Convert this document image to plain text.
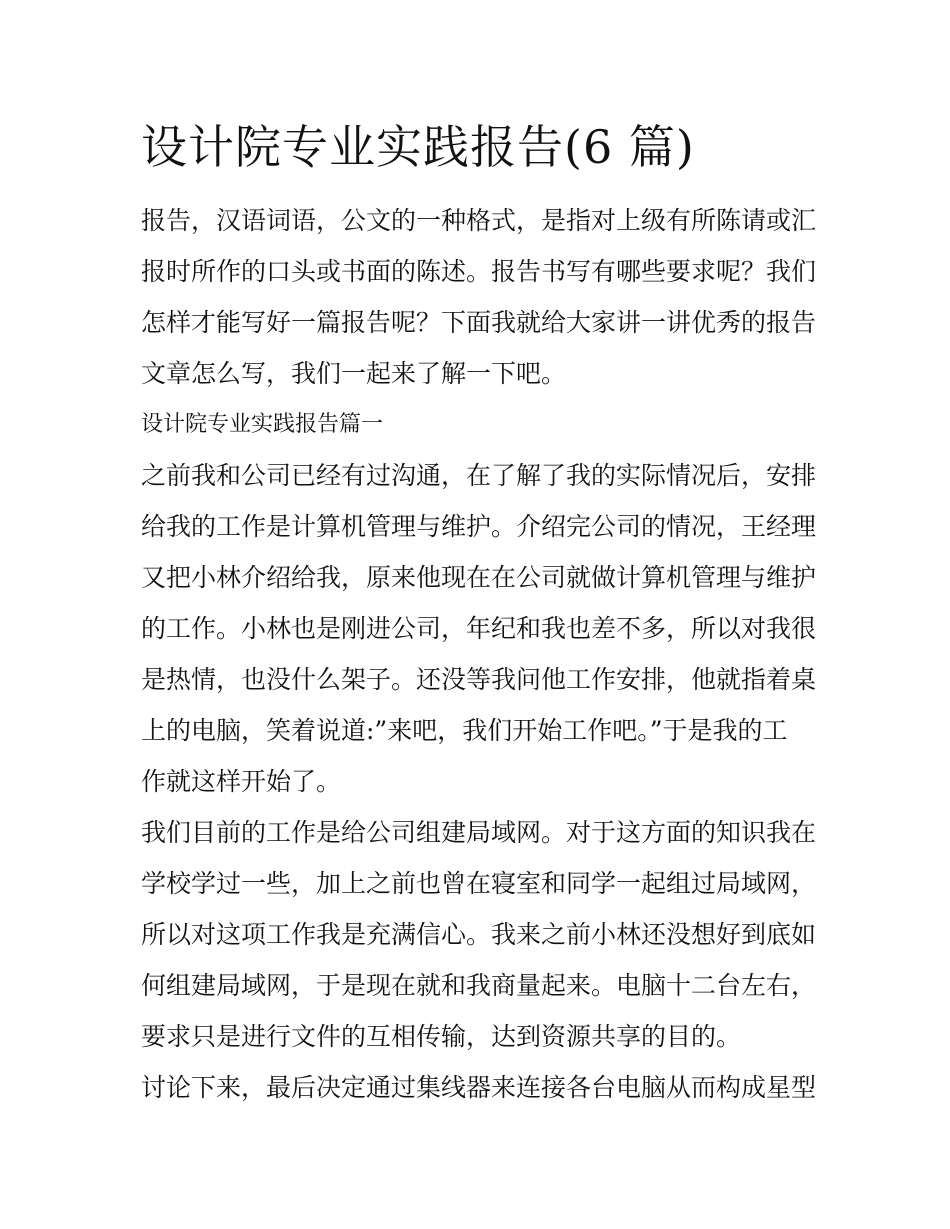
设计院专业实践报告(6 篇)
报告，汉语词语，公文的一种格式，是指对上级有所陈请或汇
报时所作的口头或书面的陈述。报告书写有哪些要求呢？我们
怎样才能写好一篇报告呢？下面我就给大家讲一讲优秀的报告
文章怎么写，我们一起来了解一下吧。
设计院专业实践报告篇一
之前我和公司已经有过沟通，在了解了我的实际情况后，安排
给我的工作是计算机管理与维护。介绍完公司的情况，王经理
又把小林介绍给我，原来他现在在公司就做计算机管理与维护
的工作。小林也是刚进公司，年纪和我也差不多，所以对我很
是热情，也没什么架子。还没等我问他工作安排，他就指着桌
上的电脑，笑着说道:”来吧，我们开始工作吧。”于是我的工
作就这样开始了。
我们目前的工作是给公司组建局域网。对于这方面的知识我在
学校学过一些，加上之前也曾在寝室和同学一起组过局域网，
所以对这项工作我是充满信心。我来之前小林还没想好到底如
何组建局域网，于是现在就和我商量起来。电脑十二台左右，
要求只是进行文件的互相传输，达到资源共享的目的。
讨论下来，最后决定通过集线器来连接各台电脑从而构成星型
